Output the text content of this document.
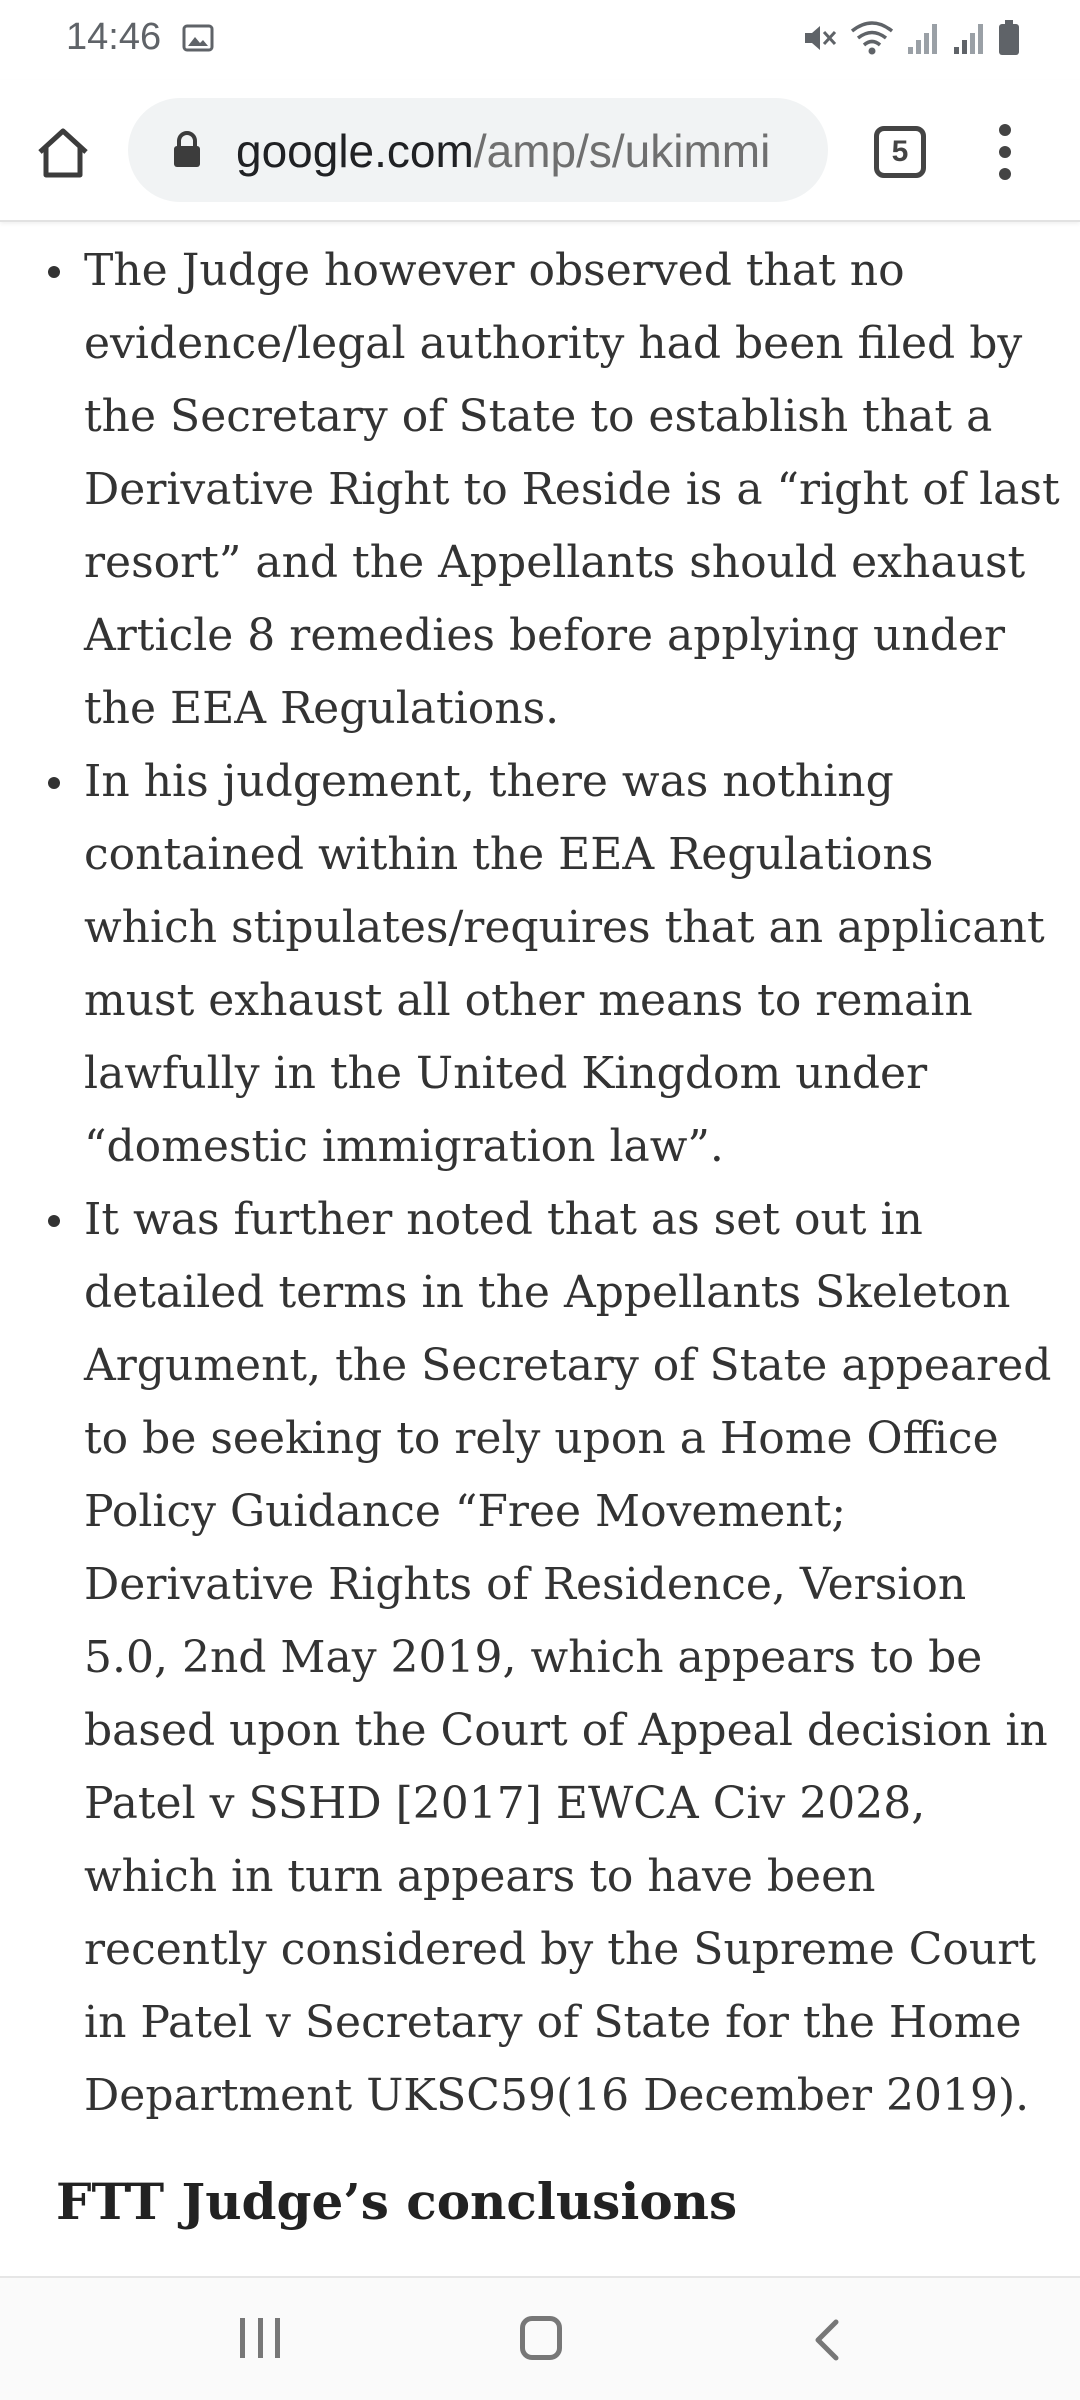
14:46
google.com/amp/s/ukimmi	5
The Judge however observed that no evidence/legal authority had been filed by the Secretary of State to establish that a Derivative Right to Reside is a “right of last resort” and the Appellants should exhaust Article 8 remedies before applying under the EEA Regulations.
In his judgement, there was nothing contained within the EEA Regulations which stipulates/requires that an applicant must exhaust all other means to remain lawfully in the United Kingdom under “domestic immigration law”.
It was further noted that as set out in detailed terms in the Appellants Skeleton Argument, the Secretary of State appeared to be seeking to rely upon a Home Office Policy Guidance “Free Movement; Derivative Rights of Residence, Version 5.0, 2nd May 2019, which appears to be based upon the Court of Appeal decision in Patel v SSHD [2017] EWCA Civ 2028, which in turn appears to have been recently considered by the Supreme Court in Patel v Secretary of State for the Home Department UKSC59(16 December 2019).
FTT Judge’s conclusions
